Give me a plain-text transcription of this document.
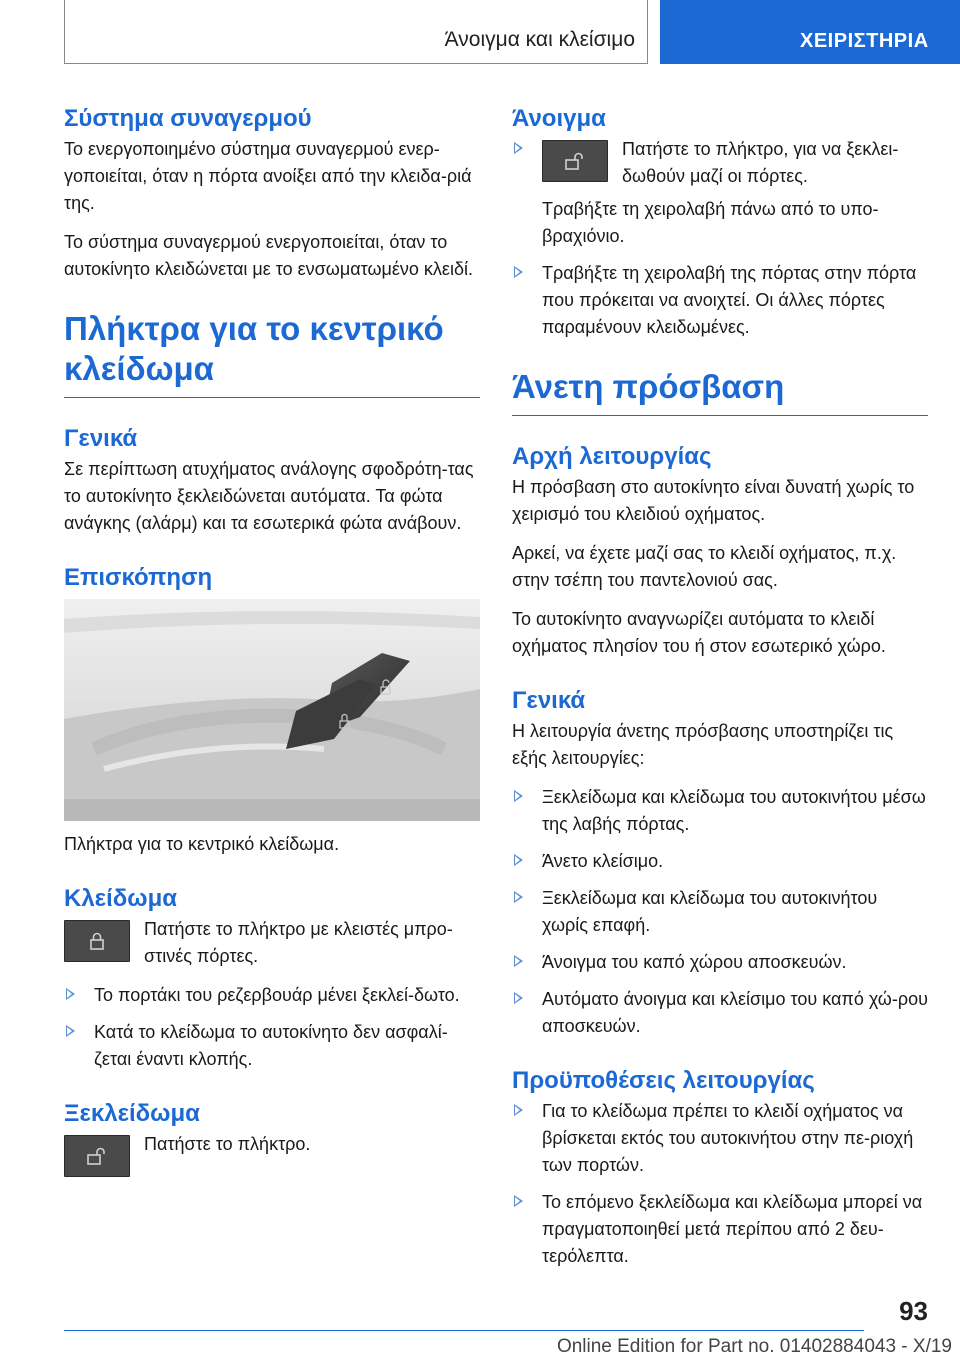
Άνοιγμα και κλείσιμο	ΧΕΙΡΙΣΤΗΡΙΑ
Σύστημα συναγερμού

Το ενεργοποιημένο σύστημα συναγερμού ενερ-γοποιείται, όταν η πόρτα ανοίξει από την κλειδα-ριά της.

Το σύστημα συναγερμού ενεργοποιείται, όταν το αυτοκίνητο κλειδώνεται με το ενσωματωμένο κλειδί.

Πλήκτρα για το κεντρικό κλείδωμα
Γενικά

Σε περίπτωση ατυχήματος ανάλογης σφοδρότη-τας το αυτοκίνητο ξεκλειδώνεται αυτόματα. Τα φώτα ανάγκης (αλάρμ) και τα εσωτερικά φώτα ανάβουν.

Επισκόπηση

Πλήκτρα για το κεντρικό κλείδωμα.

Κλείδωμα

Πατήστε το πλήκτρο με κλειστές μπρο-στινές πόρτες.

Το πορτάκι του ρεζερβουάρ μένει ξεκλεί-δωτο.
Κατά το κλείδωμα το αυτοκίνητο δεν ασφαλί-ζεται έναντι κλοπής.
Ξεκλείδωμα

Πατήστε το πλήκτρο.

Άνοιγμα

Πατήστε το πλήκτρο, για να ξεκλει-δωθούν μαζί οι πόρτες.

Τραβήξτε τη χειρολαβή πάνω από το υπο-βραχιόνιο.

Τραβήξτε τη χειρολαβή της πόρτας στην πόρτα που πρόκειται να ανοιχτεί. Οι άλλες πόρτες παραμένουν κλειδωμένες.
Άνετη πρόσβαση
Αρχή λειτουργίας

Η πρόσβαση στο αυτοκίνητο είναι δυνατή χωρίς το χειρισμό του κλειδιού οχήματος.

Αρκεί, να έχετε μαζί σας το κλειδί οχήματος, π.χ. στην τσέπη του παντελονιού σας.

Το αυτοκίνητο αναγνωρίζει αυτόματα το κλειδί οχήματος πλησίον του ή στον εσωτερικό χώρο.

Γενικά

Η λειτουργία άνετης πρόσβασης υποστηρίζει τις εξής λειτουργίες:

Ξεκλείδωμα και κλείδωμα του αυτοκινήτου μέσω της λαβής πόρτας.
Άνετο κλείσιμο.
Ξεκλείδωμα και κλείδωμα του αυτοκινήτου χωρίς επαφή.
Άνοιγμα του καπό χώρου αποσκευών.
Αυτόματο άνοιγμα και κλείσιμο του καπό χώ-ρου αποσκευών.
Προϋποθέσεις λειτουργίας
Για το κλείδωμα πρέπει το κλειδί οχήματος να βρίσκεται εκτός του αυτοκινήτου στην πε-ριοχή των πορτών.
Το επόμενο ξεκλείδωμα και κλείδωμα μπορεί να πραγματοποιηθεί μετά περίπου από 2 δευ-τερόλεπτα.
93
Online Edition for Part no. 01402884043 - X/19
